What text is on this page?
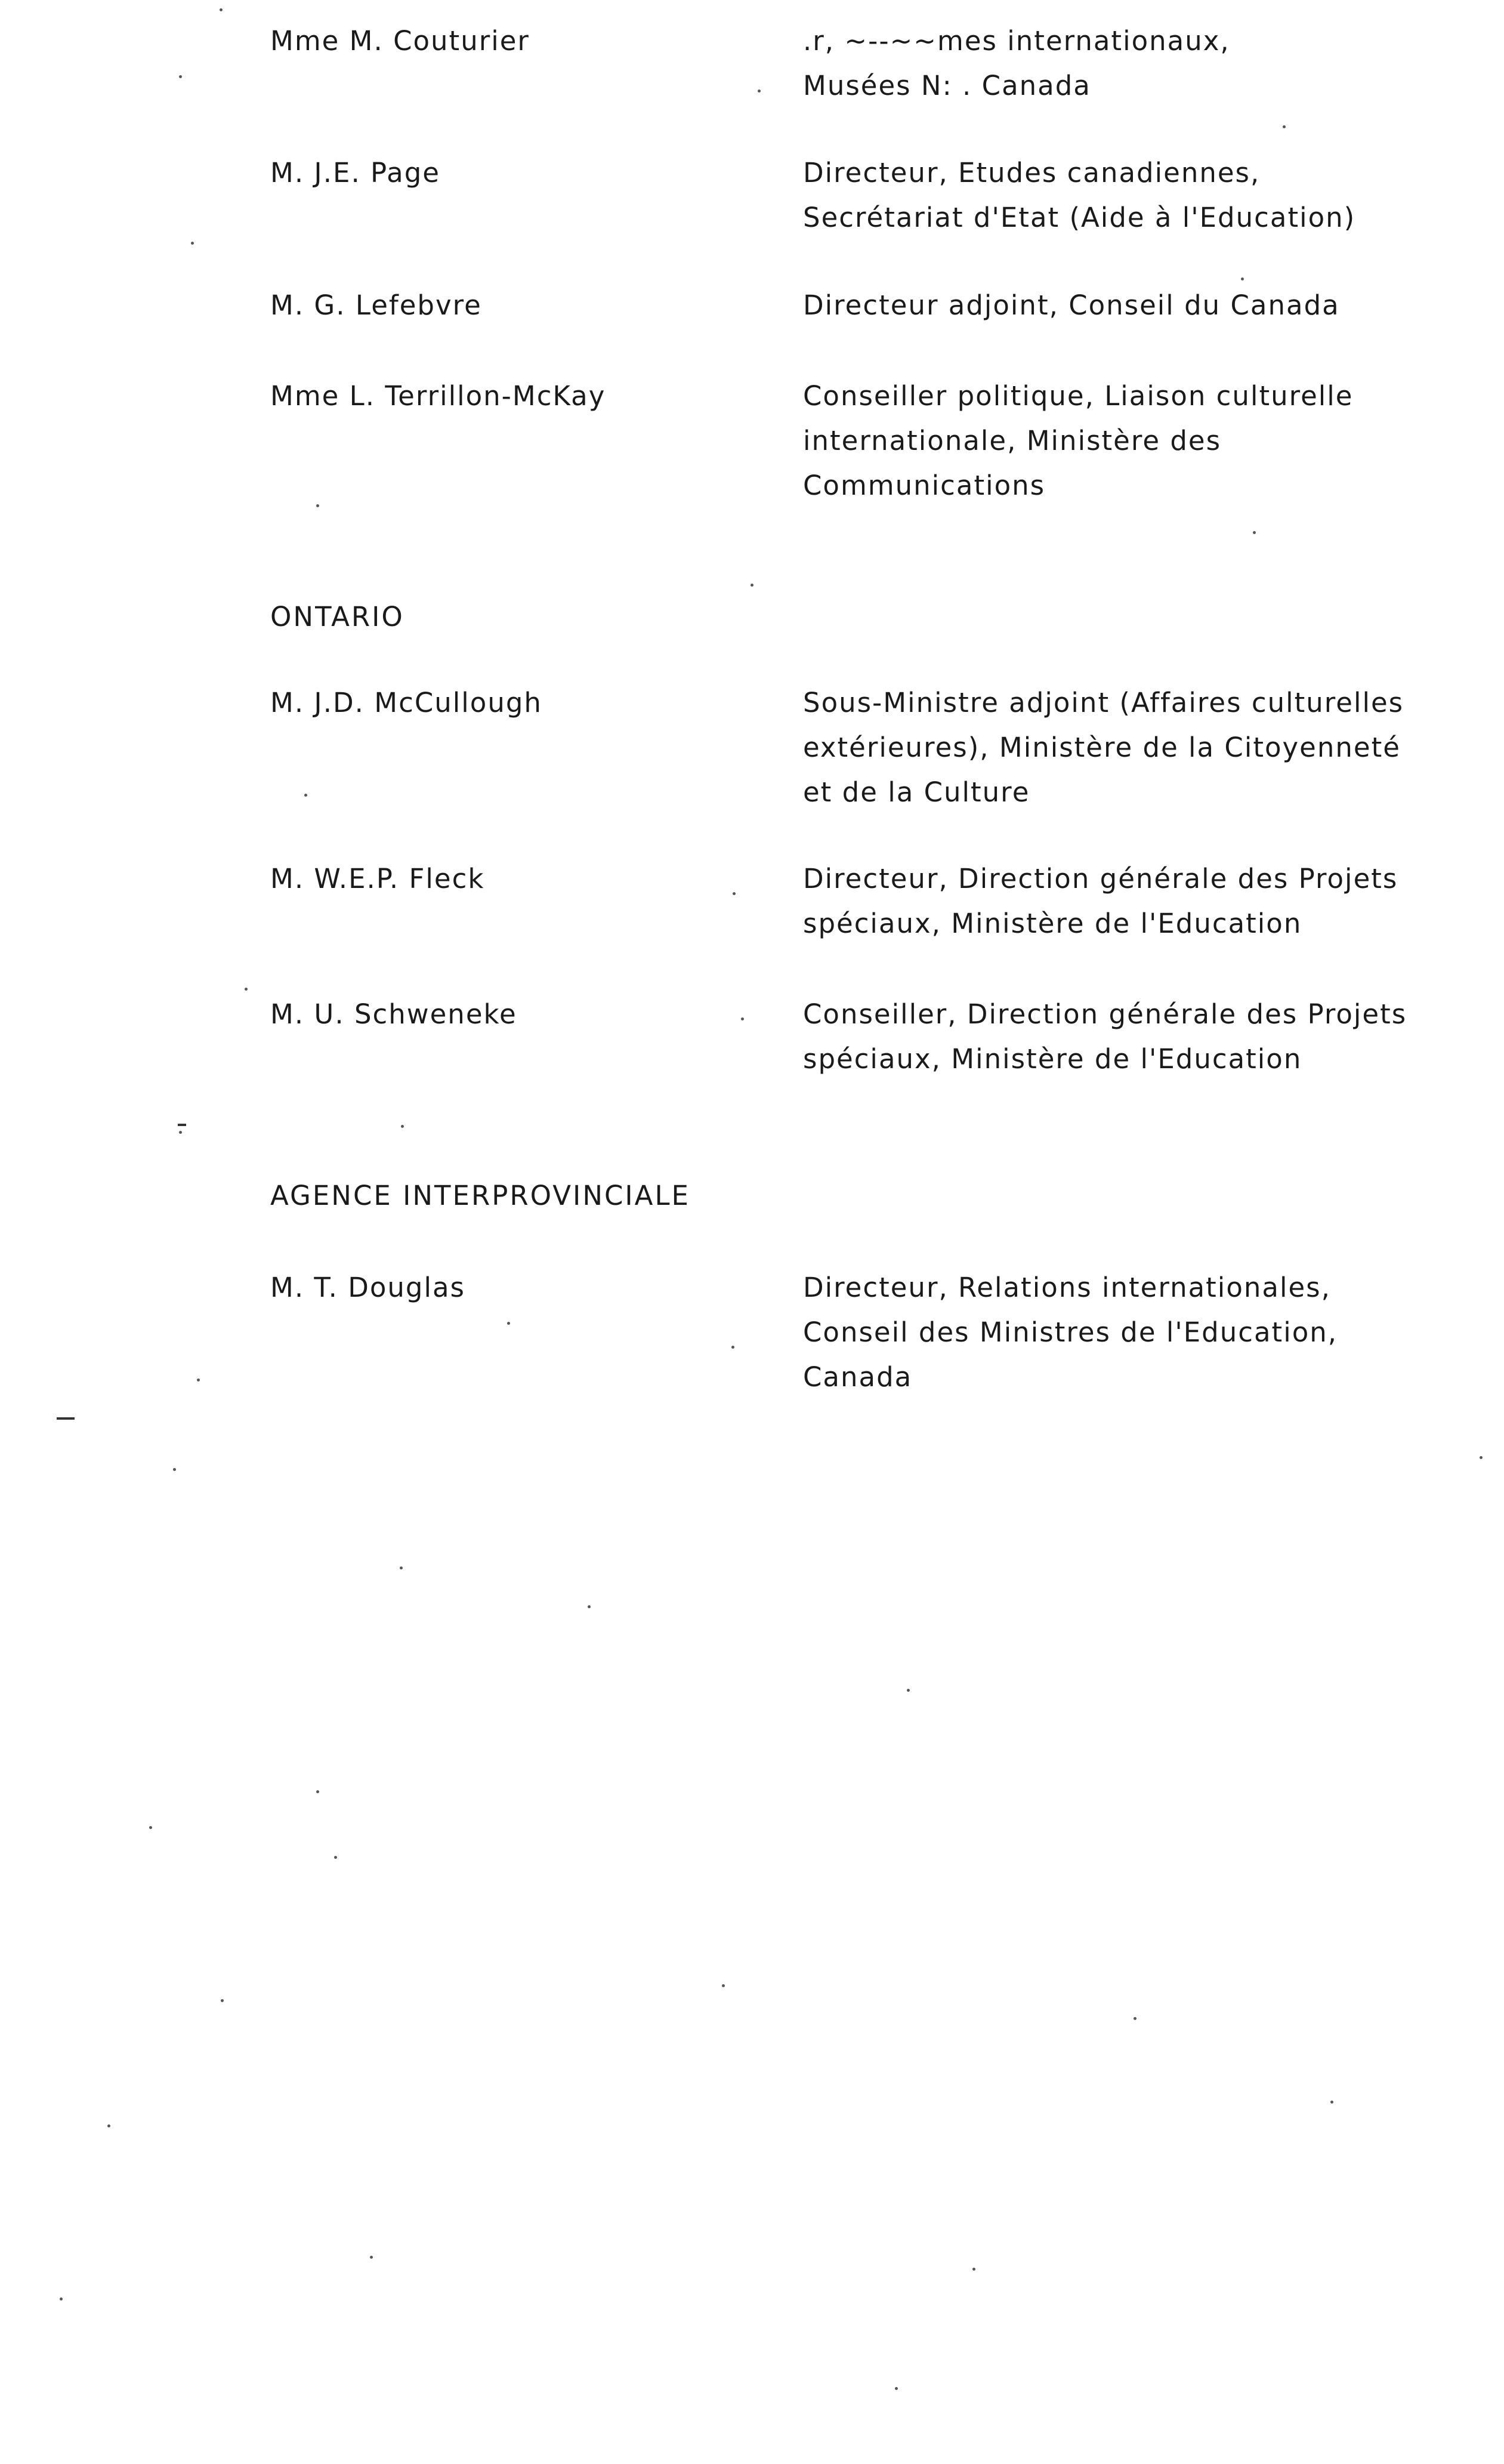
Mme M. Couturier	.r, ~--~~mes internationaux,

Musées N: . Canada

M. J.E. Page	Directeur, Etudes canadiennes,

Secrétariat d'Etat (Aide à l'Education)

M. G. Lefebvre	Directeur adjoint, Conseil du Canada

Mme L. Terrillon-McKay	Conseiller politique, Liaison culturelle

internationale, Ministère des

Communications

ONTARIO

M. J.D. McCullough	Sous-Ministre adjoint (Affaires culturelles

extérieures), Ministère de la Citoyenneté

et de la Culture

M. W.E.P. Fleck	Directeur, Direction générale des Projets

spéciaux, Ministère de l'Education

M. U. Schweneke	Conseiller, Direction générale des Projets

spéciaux, Ministère de l'Education

AGENCE INTERPROVINCIALE

M. T. Douglas	Directeur, Relations internationales,

Conseil des Ministres de l'Education,

Canada
